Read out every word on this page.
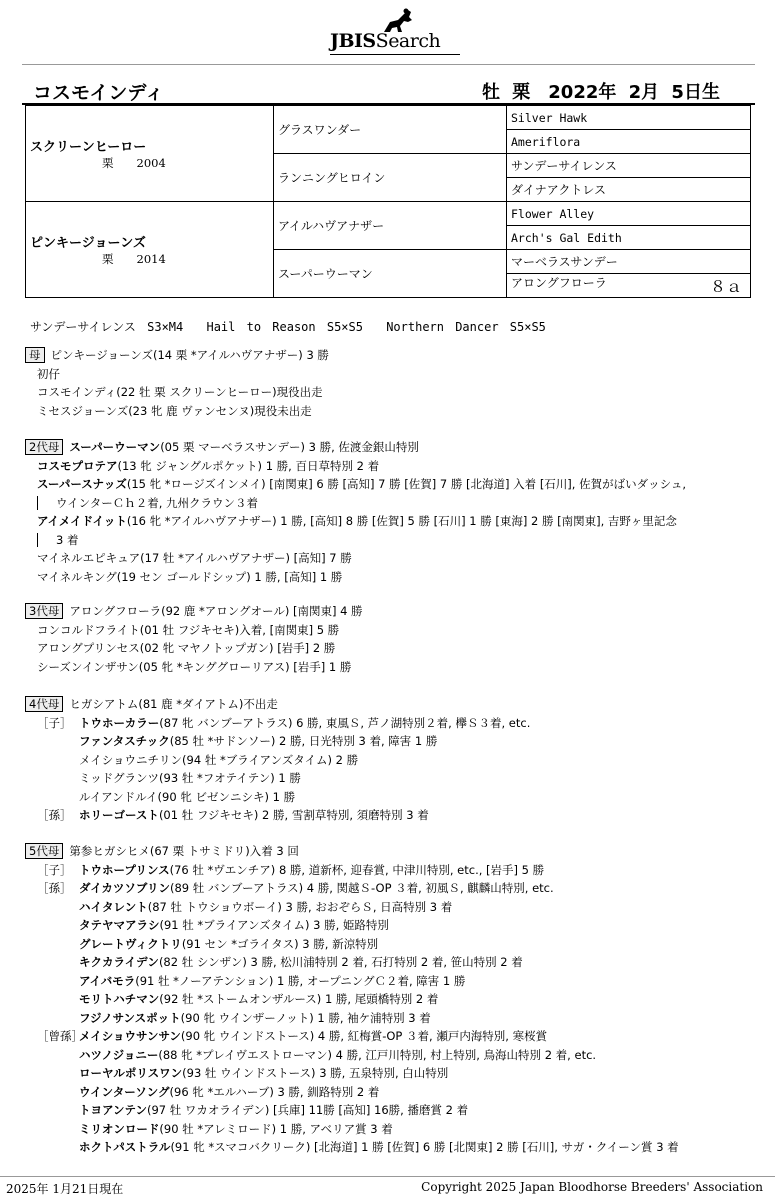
JBISSearch
コスモインディ	牡 栗　2022年 2月 5日生
スクリーンヒーロー
栗　　2004	グラスワンダー	Silver Hawk
		Ameriflora
	ランニングヒロイン	サンデーサイレンス
		ダイナアクトレス

ピンキージョーンズ
栗　　2014	アイルハヴアナザー	Flower Alley
		Arch's Gal Edith
	スーパーウーマン	マーベラスサンデー
		アロングフローラ ８ａ
サンデーサイレンス S3×M4　 Hail to Reason S5×S5　 Northern Dancer S5×S5
母 ピンキージョーンズ(14 栗 *アイルハヴアナザー) 3 勝
初仔
コスモインディ(22 牡 栗 スクリーンヒーロー)現役出走
ミセスジョーンズ(23 牝 鹿 ヴァンセンヌ)現役未出走
2代母 スーパーウーマン(05 栗 マーベラスサンデー) 3 勝, 佐渡金銀山特別
コスモプロテア(13 牝 ジャングルポケット) 1 勝, 百日草特別 2 着
スーパースナッズ(15 牝 *ロージズインメイ) [南関東] 6 勝 [高知] 7 勝 [佐賀] 7 勝 [北海道] 入着 [石川], 佐賀がばいダッシュ,
ウインターＣｈ２着, 九州クラウン３着
アイメイドイット(16 牝 *アイルハヴアナザー) 1 勝, [高知] 8 勝 [佐賀] 5 勝 [石川] 1 勝 [東海] 2 勝 [南関東], 吉野ヶ里記念
3 着
マイネルエピキュア(17 牡 *アイルハヴアナザー) [高知] 7 勝
マイネルキング(19 セン ゴールドシップ) 1 勝, [高知] 1 勝
3代母 アロングフローラ(92 鹿 *アロングオール) [南関東] 4 勝
コンコルドフライト(01 牡 フジキセキ)入着, [南関東] 5 勝
アロングプリンセス(02 牝 マヤノトップガン) [岩手] 2 勝
シーズンインザサン(05 牝 *キンググローリアス) [岩手] 1 勝
4代母 ヒガシアトム(81 鹿 *ダイアトム)不出走
［子］ トウホーカラー(87 牝 バンブーアトラス) 6 勝, 東風Ｓ, 芦ノ湖特別２着, 欅Ｓ３着, etc.
ファンタスチック(85 牡 *サドンソー) 2 勝, 日光特別 3 着, 障害 1 勝
メイショウニチリン(94 牡 *ブライアンズタイム) 2 勝
ミッドグランツ(93 牡 *フオテイテン) 1 勝
ルイアンドルイ(90 牝 ビゼンニシキ) 1 勝
［孫］ ホリーゴースト(01 牡 フジキセキ) 2 勝, 雪割草特別, 須磨特別 3 着
5代母 第参ヒガシヒメ(67 栗 トサミドリ)入着 3 回
［子］ トウホープリンス(76 牡 *ヴエンチア) 8 勝, 道新杯, 迎春賞, 中津川特別, etc., [岩手] 5 勝
［孫］ ダイカツソブリン(89 牡 バンブーアトラス) 4 勝, 関越Ｓ-OP ３着, 初風Ｓ, 麒麟山特別, etc.
ハイタレント(87 牡 トウショウボーイ) 3 勝, おおぞらＳ, 日高特別 3 着
タテヤマアラシ(91 牡 *ブライアンズタイム) 3 勝, 姫路特別
グレートヴィクトリ(91 セン *ゴライタス) 3 勝, 新涼特別
キクカライデン(82 牡 シンザン) 3 勝, 松川浦特別 2 着, 石打特別 2 着, 笹山特別 2 着
アイバモラ(91 牡 *ノーアテンション) 1 勝, オープニングＣ２着, 障害 1 勝
モリトハチマン(92 牡 *ストームオンザルース) 1 勝, 尾頭橋特別 2 着
フジノサンスポット(90 牝 ウインザーノット) 1 勝, 袖ケ浦特別 3 着
［曾孫］メイショウサンサン(90 牝 ウインドストース) 4 勝, 紅梅賞-OP ３着, 瀬戸内海特別, 寒桜賞
ハツノジョニー(88 牝 *プレイヴエストローマン) 4 勝, 江戸川特別, 村上特別, 鳥海山特別 2 着, etc.
ローヤルポリスワン(93 牡 ウインドストース) 3 勝, 五泉特別, 白山特別
ウインターソング(96 牝 *エルハーブ) 3 勝, 釧路特別 2 着
トヨアンテン(97 牡 ワカオライデン) [兵庫] 11勝 [高知] 16勝, 播磨賞 2 着
ミリオンロード(90 牡 *アレミロード) 1 勝, アベリア賞 3 着
ホクトパストラル(91 牝 *スマコバクリーク) [北海道] 1 勝 [佐賀] 6 勝 [北関東] 2 勝 [石川], サガ・クイーン賞 3 着
2025年 1月21日現在	Copyright 2025 Japan Bloodhorse Breeders' Association
